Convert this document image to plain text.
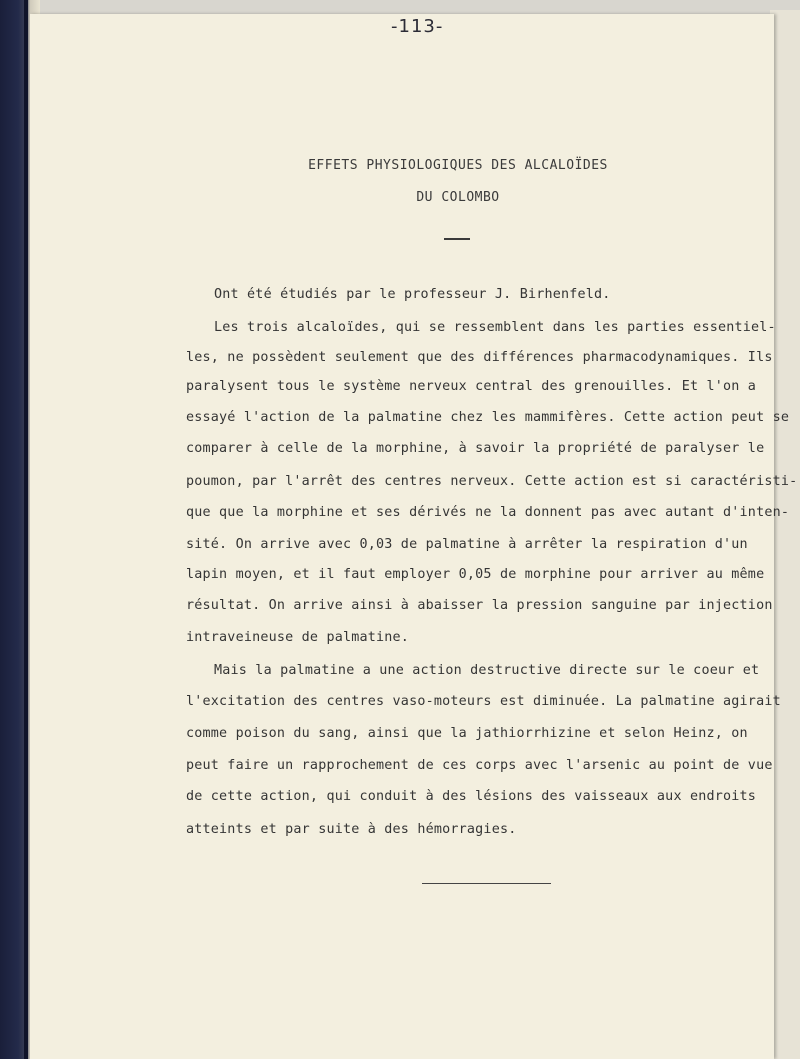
-113-
EFFETS PHYSIOLOGIQUES DES ALCALOÏDES
DU COLOMBO
Ont été étudiés par le professeur J. Birhenfeld.
Les trois alcaloïdes, qui se ressemblent dans les parties essentiel-
les, ne possèdent seulement que des différences pharmacodynamiques. Ils
paralysent tous le système nerveux central des grenouilles. Et l'on a
essayé l'action de la palmatine chez les mammifères. Cette action peut se
comparer à celle de la morphine, à savoir la propriété de paralyser le
poumon, par l'arrêt des centres nerveux. Cette action est si caractéristi-
que que la morphine et ses dérivés ne la donnent pas avec autant d'inten-
sité. On arrive avec 0,03 de palmatine à arrêter la respiration d'un
lapin moyen, et il faut employer 0,05 de morphine pour arriver au même
résultat. On arrive ainsi à abaisser la pression sanguine par injection
intraveineuse de palmatine.
Mais la palmatine a une action destructive directe sur le coeur et
l'excitation des centres vaso-moteurs est diminuée. La palmatine agirait
comme poison du sang, ainsi que la jathiorrhizine et selon Heinz, on
peut faire un rapprochement de ces corps avec l'arsenic au point de vue
de cette action, qui conduit à des lésions des vaisseaux aux endroits
atteints et par suite à des hémorragies.
